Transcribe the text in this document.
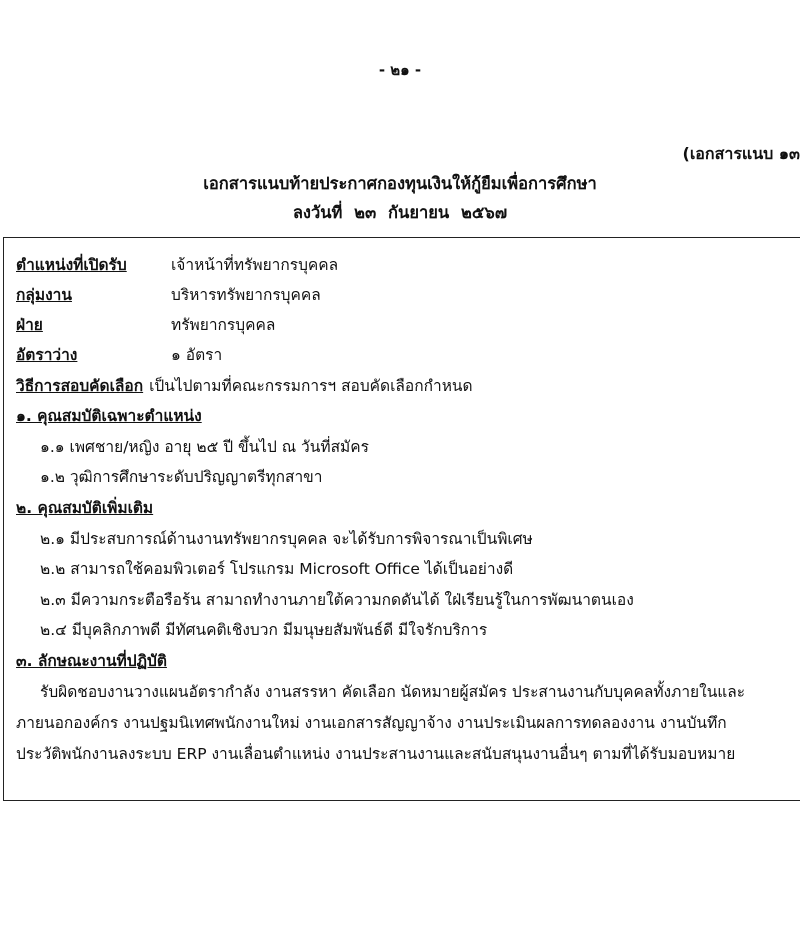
- ๒๑ -
(เอกสารแนบ ๑๓
เอกสารแนบท้ายประกาศกองทุนเงินให้กู้ยืมเพื่อการศึกษา
ลงวันที่ ๒๓ กันยายน ๒๕๖๗
ตำแหน่งที่เปิดรับ	เจ้าหน้าที่ทรัพยากรบุคคล
กลุ่มงาน	บริหารทรัพยากรบุคคล
ฝ่าย	ทรัพยากรบุคคล
อัตราว่าง	๑ อัตรา
วิธีการสอบคัดเลือก เป็นไปตามที่คณะกรรมการฯ สอบคัดเลือกกำหนด
๑. คุณสมบัติเฉพาะตำแหน่ง
๑.๑ เพศชาย/หญิง อายุ ๒๕ ปี ขึ้นไป ณ วันที่สมัคร
๑.๒ วุฒิการศึกษาระดับปริญญาตรีทุกสาขา
๒. คุณสมบัติเพิ่มเติม
๒.๑ มีประสบการณ์ด้านงานทรัพยากรบุคคล จะได้รับการพิจารณาเป็นพิเศษ
๒.๒ สามารถใช้คอมพิวเตอร์ โปรแกรม Microsoft Office ได้เป็นอย่างดี
๒.๓ มีความกระตือรือร้น สามาถทำงานภายใต้ความกดดันได้ ใฝ่เรียนรู้ในการพัฒนาตนเอง
๒.๔ มีบุคลิกภาพดี มีทัศนคติเชิงบวก มีมนุษยสัมพันธ์ดี มีใจรักบริการ
๓. ลักษณะงานที่ปฏิบัติ
รับผิดชอบงานวางแผนอัตรากำลัง งานสรรหา คัดเลือก นัดหมายผู้สมัคร ประสานงานกับบุคคลทั้งภายในและ
ภายนอกองค์กร งานปฐมนิเทศพนักงานใหม่ งานเอกสารสัญญาจ้าง งานประเมินผลการทดลองงาน งานบันทึก
ประวัติพนักงานลงระบบ ERP งานเลื่อนตำแหน่ง งานประสานงานและสนับสนุนงานอื่นๆ ตามที่ได้รับมอบหมาย
